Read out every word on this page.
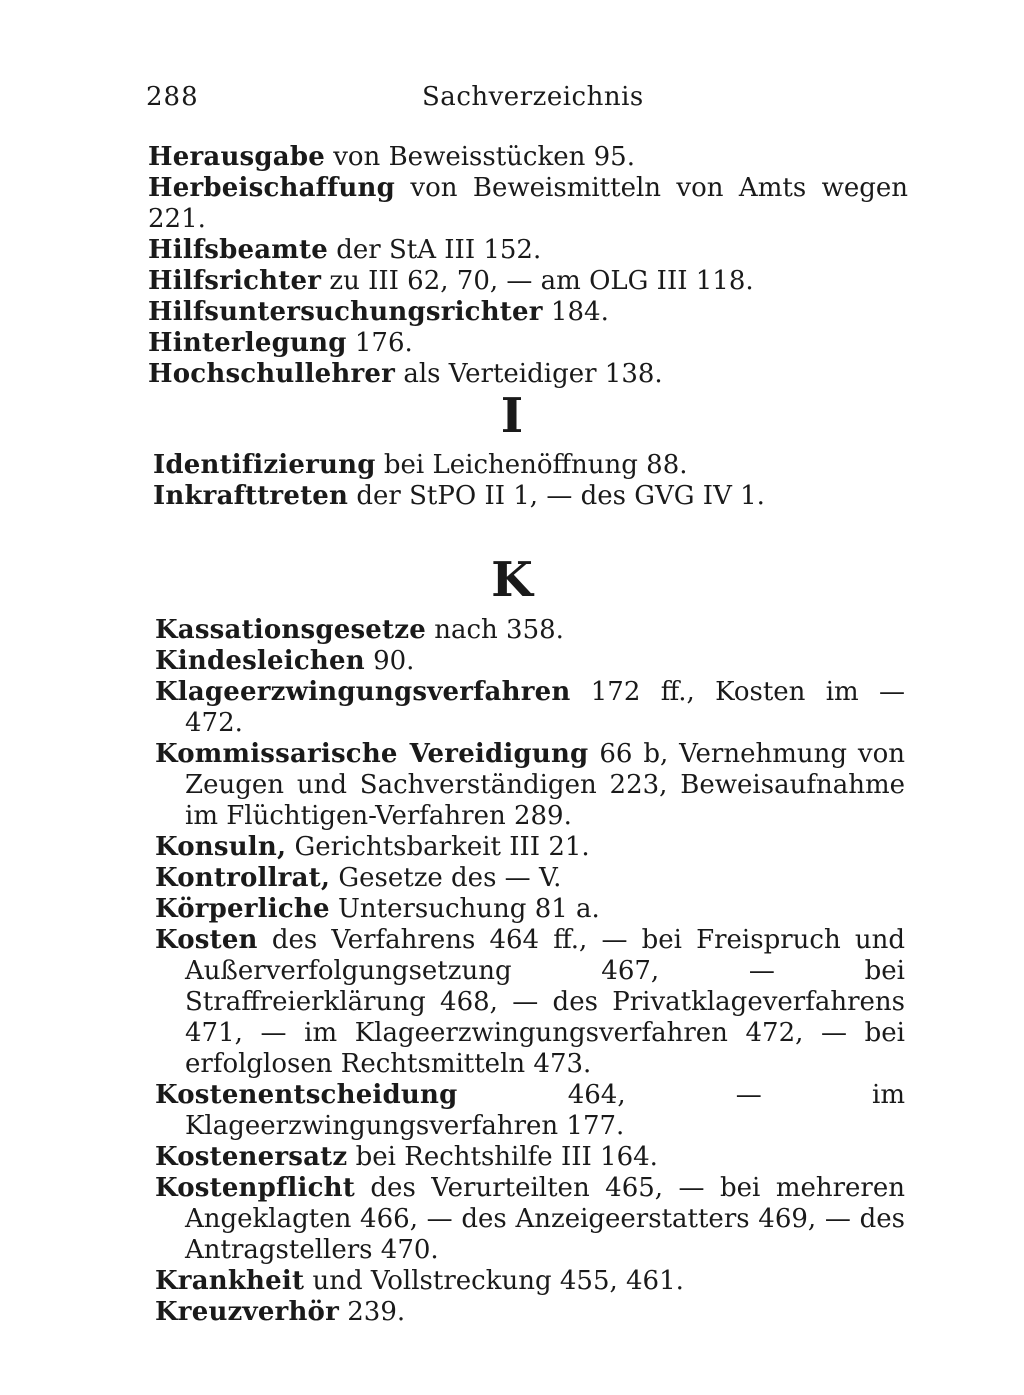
288	Sachverzeichnis
Herausgabe von Beweisstücken 95.
Herbeischaffung von Beweismitteln von Amts wegen 221.
Hilfsbeamte der StA III 152.
Hilfsrichter zu III 62, 70, — am OLG III 118.
Hilfsuntersuchungsrichter 184.
Hinterlegung 176.
Hochschullehrer als Verteidiger 138.
I
Identifizierung bei Leichenöffnung 88.
Inkrafttreten der StPO II 1, — des GVG IV 1.
K
Kassationsgesetze nach 358.
Kindesleichen 90.
Klageerzwingungsverfahren 172 ff., Kosten im — 472.
Kommissarische Vereidigung 66 b, Vernehmung von Zeugen und Sachverständigen 223, Beweisaufnahme im Flüchtigen-Verfahren 289.
Konsuln, Gerichtsbarkeit III 21.
Kontrollrat, Gesetze des — V.
Körperliche Untersuchung 81 a.
Kosten des Verfahrens 464 ff., — bei Freispruch und Außerverfolgungsetzung 467, — bei Straffreierklärung 468, — des Privatklageverfahrens 471, — im Klageerzwingungsverfahren 472, — bei erfolglosen Rechtsmitteln 473.
Kostenentscheidung 464, — im Klageerzwingungsverfahren 177.
Kostenersatz bei Rechtshilfe III 164.
Kostenpflicht des Verurteilten 465, — bei mehreren Angeklagten 466, — des Anzeigeerstatters 469, — des Antragstellers 470.
Krankheit und Vollstreckung 455, 461.
Kreuzverhör 239.
